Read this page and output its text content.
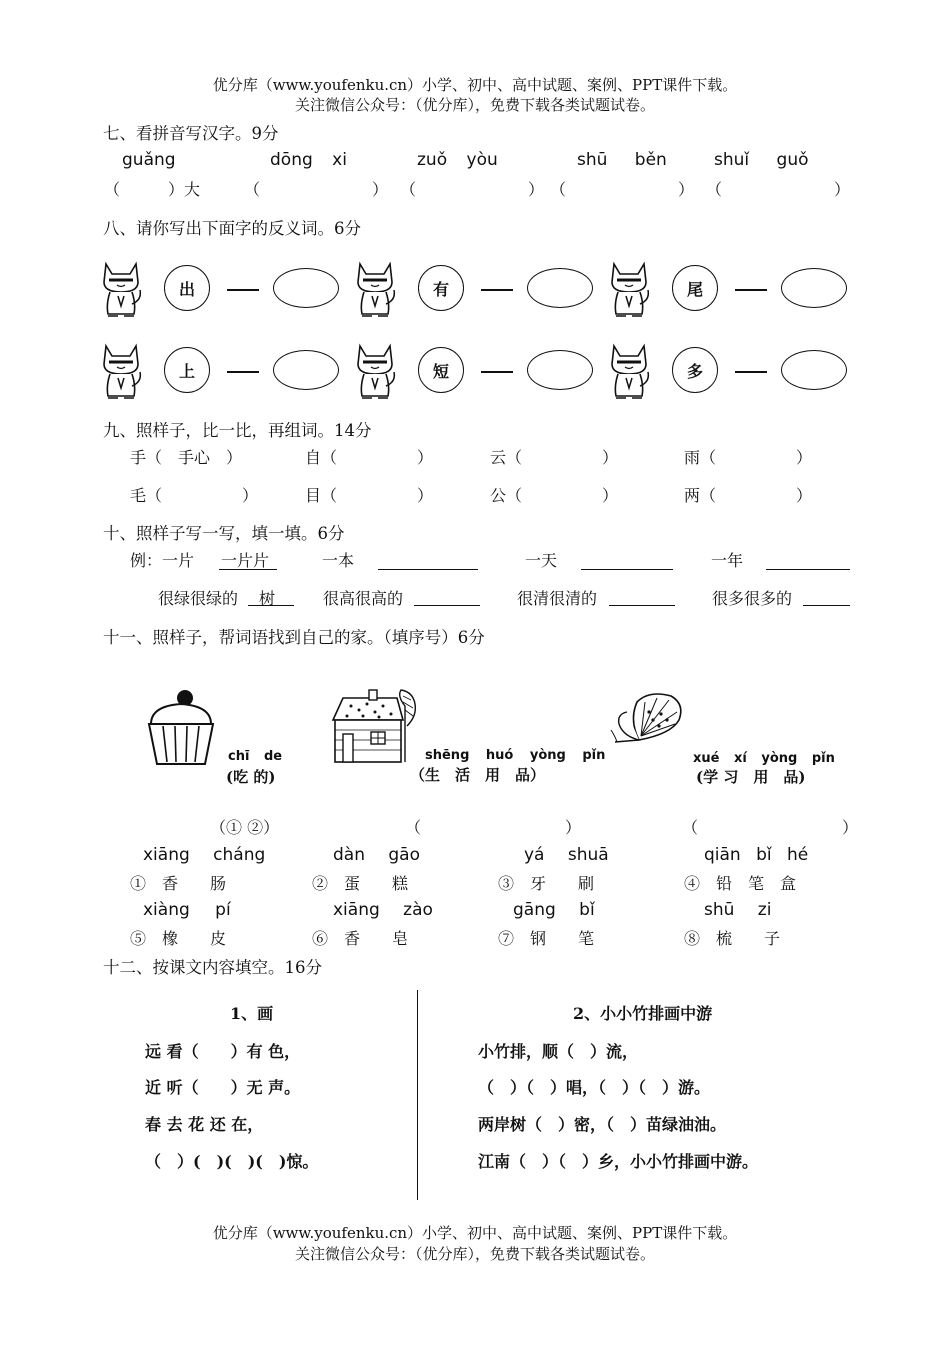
优分库（www.youfenku.cn）小学、初中、高中试题、案例、PPT课件下载。
关注微信公众号：（优分库），免费下载各类试题试卷。
七、看拼音写汉字。9分
guǎng	dōng xi	zuǒ yòu	shū běn	shuǐ guǒ
（　　　）大	（　　　　　　　） （　　　　　　　） （　　　　　　　） （　　　　　　　）
八、请你写出下面字的反义词。6分
出	有	尾
上	短	多
九、照样子，比一比，再组词。14分
手（　手心　）	自（　　　　　）	云（　　　　　）	雨（　　　　　）
毛（　　　　　）	目（　　　　　）	公（　　　　　）	两（　　　　　）
十、照样子写一写，填一填。6分
例：一片 一片片	一本	一天	一年
很绿很绿的 树	很高很高的	很清很清的	很多很多的
十一、照样子，帮词语找到自己的家。（填序号）6分
chī de
(吃 的)
shēng huó yòng pǐn
（生　活　用　品）
xué xí yòng pǐn
(学 习　用　品)
（① ②）	（　　　　　　　　　）	（　　　　　　　　　）
xiāng cháng
①　香　　肠
dàn gāo
②　蛋　　糕
yá shuā
③　牙　　刷
qiān bǐ hé
④　铅　笔　盒
xiàng pí
⑤　橡　　皮
xiāng zào
⑥　香　　皂
gāng bǐ
⑦　钢　　笔
shū zi
⑧　梳　　子
十二、按课文内容填空。16分
1、画
远 看（　　）有 色，
近 听（　　）无 声。
春 去 花 还 在，
（　）(　)(　)(　)惊。
2、小小竹排画中游
小竹排，顺（　）流，
（　）（　）唱，（　）（　）游。
两岸树（　）密，（　）苗绿油油。
江南（　）（　）乡，小小竹排画中游。
优分库（www.youfenku.cn）小学、初中、高中试题、案例、PPT课件下载。
关注微信公众号：（优分库），免费下载各类试题试卷。
